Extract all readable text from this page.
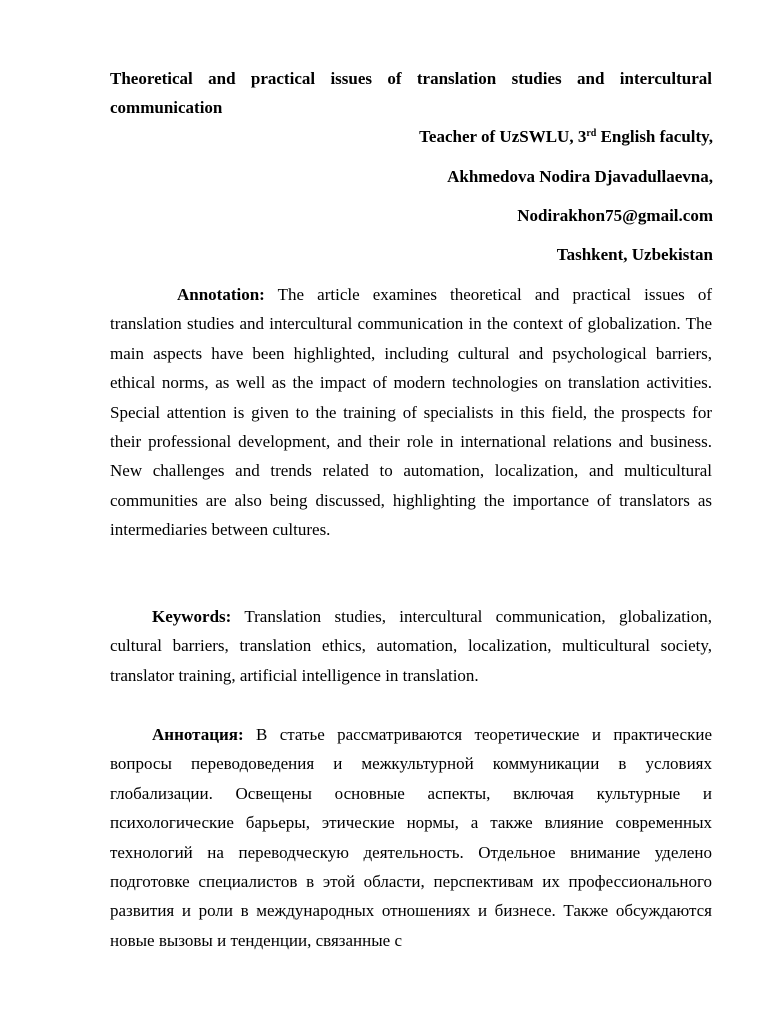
Theoretical and practical issues of translation studies and intercultural communication
Teacher of UzSWLU, 3rd English faculty,
Akhmedova Nodira Djavadullaevna,
Nodirakhon75@gmail.com
Tashkent, Uzbekistan

Annotation: The article examines theoretical and practical issues of translation studies and intercultural communication in the context of globalization. The main aspects have been highlighted, including cultural and psychological barriers, ethical norms, as well as the impact of modern technologies on translation activities. Special attention is given to the training of specialists in this field, the prospects for their professional development, and their role in international relations and business. New challenges and trends related to automation, localization, and multicultural communities are also being discussed, highlighting the importance of translators as intermediaries between cultures.

Keywords: Translation studies, intercultural communication, globalization, cultural barriers, translation ethics, automation, localization, multicultural society, translator training, artificial intelligence in translation.

Аннотация: В статье рассматриваются теоретические и практические вопросы переводоведения и межкультурной коммуникации в условиях глобализации. Освещены основные аспекты, включая культурные и психологические барьеры, этические нормы, а также влияние современных технологий на переводческую деятельность. Отдельное внимание уделено подготовке специалистов в этой области, перспективам их профессионального развития и роли в международных отношениях и бизнесе. Также обсуждаются новые вызовы и тенденции, связанные с
